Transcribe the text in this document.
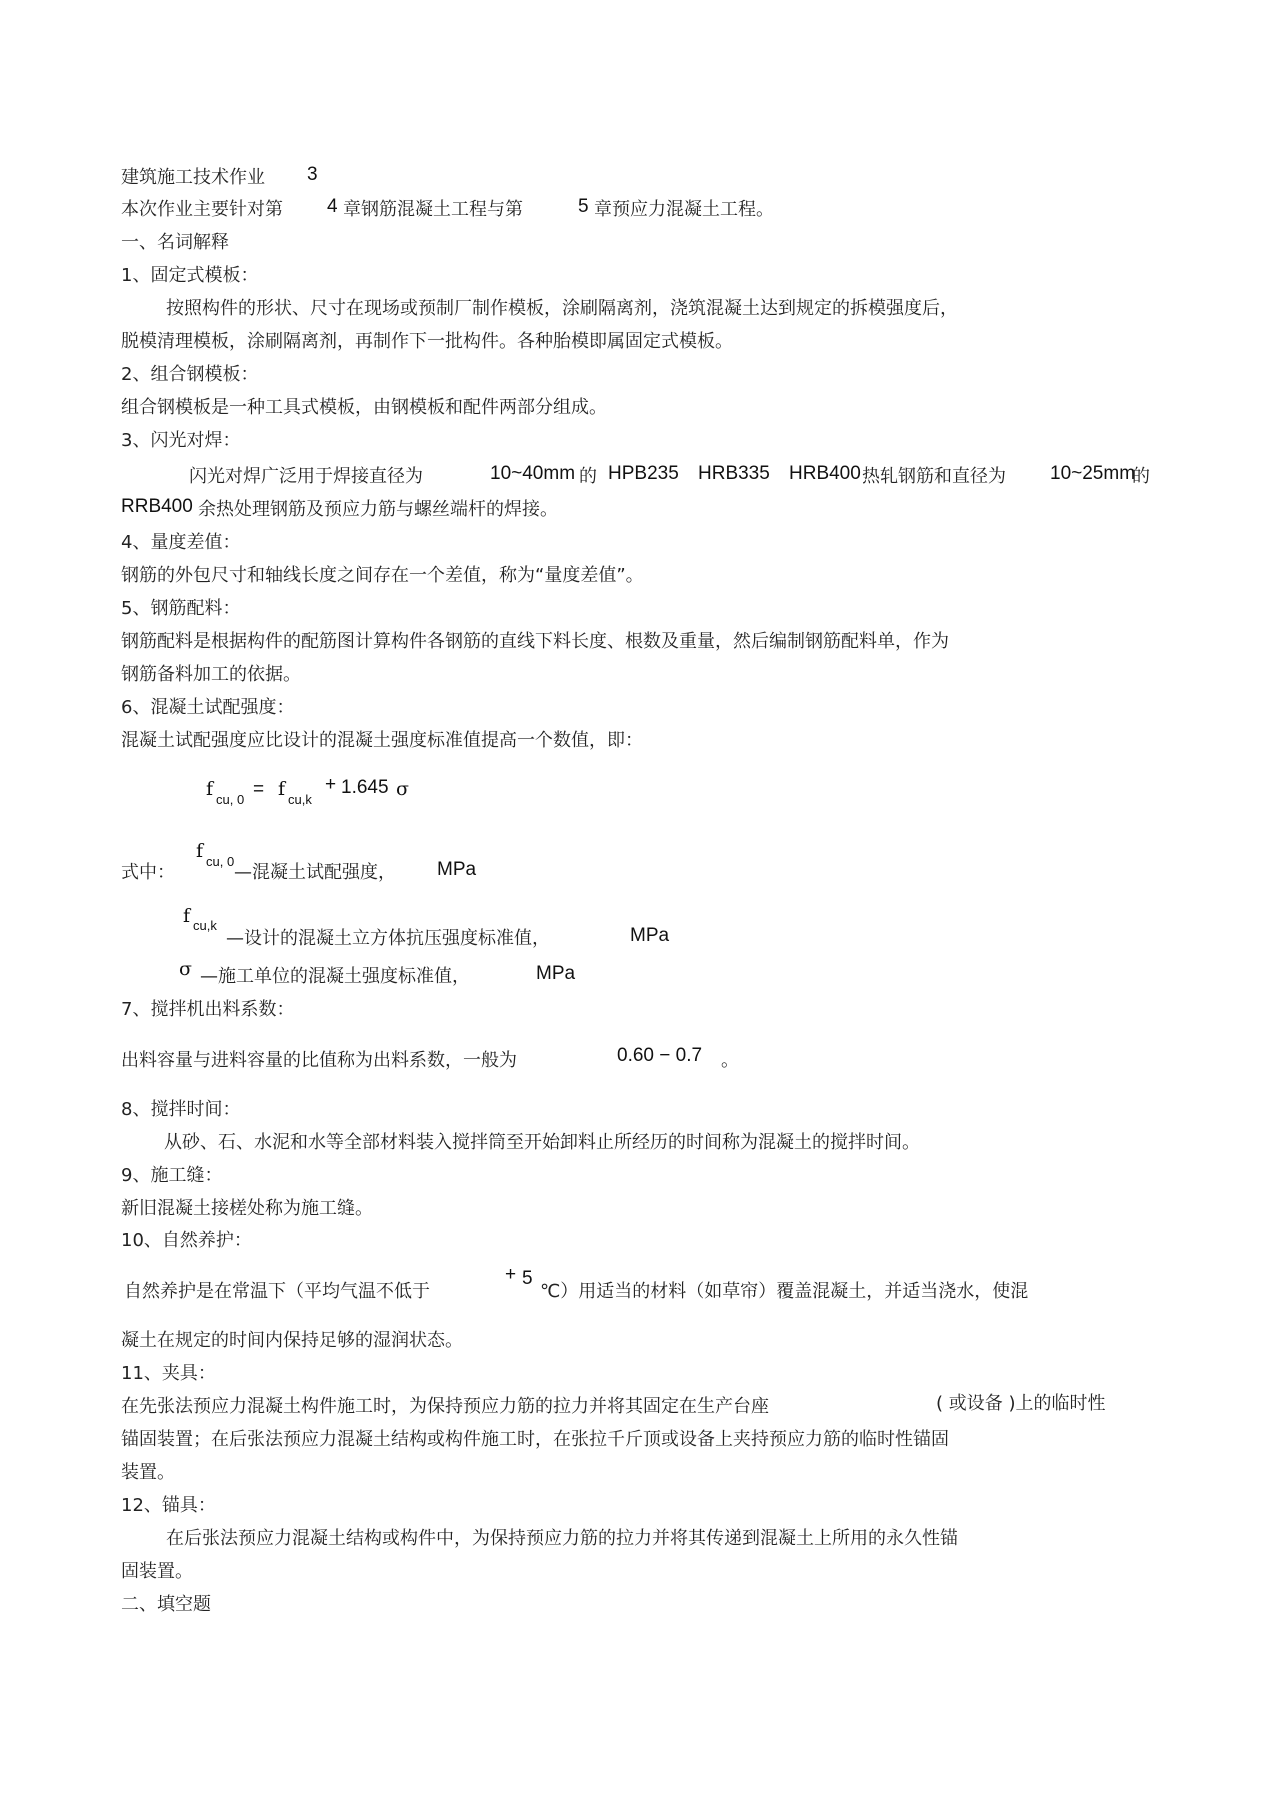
建筑施工技术作业 3
本次作业主要针对第 4 章钢筋混凝土工程与第	5 章预应力混凝土工程。
一、名词解释
1、固定式模板：
按照构件的形状、尺寸在现场或预制厂制作模板，涂刷隔离剂，浇筑混凝土达到规定的拆模强度后，
脱模清理模板，涂刷隔离剂，再制作下一批构件。各种胎模即属固定式模板。
2、组合钢模板：
组合钢模板是一种工具式模板，由钢模板和配件两部分组成。
3、闪光对焊：
闪光对焊广泛用于焊接直径为	10~40mm 的 HPB235 HRB335 HRB400 热轧钢筋和直径为 10~25mm
的
RRB400 余热处理钢筋及预应力筋与螺丝端杆的焊接。
4、量度差值：
钢筋的外包尺寸和轴线长度之间存在一个差值，称为“量度差值”。
5、钢筋配料：
钢筋配料是根据构件的配筋图计算构件各钢筋的直线下料长度、根数及重量，然后编制钢筋配料单，作为
钢筋备料加工的依据。
6、混凝土试配强度：
混凝土试配强度应比设计的混凝土强度标准值提高一个数值，即：
f cu, 0 = f cu,k
+ 1.645 σ
式中：
f cu, 0
—混凝土试配强度， MPa
f cu,k
—设计的混凝土立方体抗压强度标准值，	MPa
σ —施工单位的混凝土强度标准值，	MPa
7、搅拌机出料系数：
出料容量与进料容量的比值称为出料系数，一般为	0.60 − 0.7 。
8、搅拌时间：
从砂、石、水泥和水等全部材料装入搅拌筒至开始卸料止所经历的时间称为混凝土的搅拌时间。
9、施工缝：
新旧混凝土接槎处称为施工缝。
10、自然养护：
自然养护是在常温下（平均气温不低于
+ 5
℃）用适当的材料（如草帘）覆盖混凝土，并适当浇水，使混
凝土在规定的时间内保持足够的湿润状态。
11、夹具：
在先张法预应力混凝土构件施工时，为保持预应力筋的拉力并将其固定在生产台座	( 或设备 )上的临时性
锚固装置；在后张法预应力混凝土结构或构件施工时，在张拉千斤顶或设备上夹持预应力筋的临时性锚固
装置。
12、锚具：
在后张法预应力混凝土结构或构件中，为保持预应力筋的拉力并将其传递到混凝土上所用的永久性锚
固装置。
二、填空题
